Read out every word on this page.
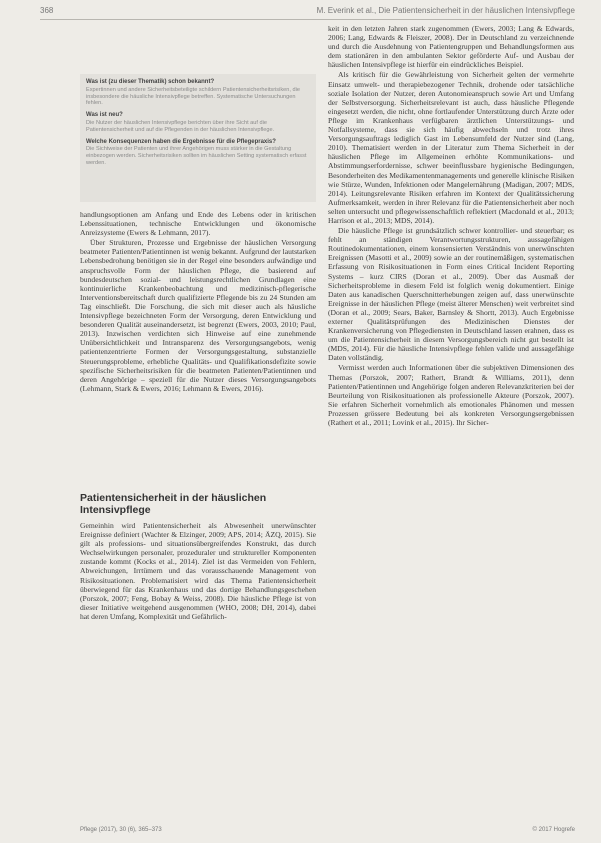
368	M. Everink et al., Die Patientensicherheit in der häuslichen Intensivpflege
Was ist (zu dieser Thematik) schon bekannt?
Expertinnen und andere Sicherheitsbeteiligte schildern Patientensicherheitsrisiken, die insbesondere die häusliche Intensivpflege betreffen. Systematische Untersuchungen fehlen.
Was ist neu?
Die Nutzer der häuslichen Intensivpflege berichten über ihre Sicht auf die Patientensicherheit und auf die Pflegenden in der häuslichen Intensivpflege.
Welche Konsequenzen haben die Ergebnisse für die Pflegepraxis?
Die Sichtweise der Patienten und ihrer Angehörigen muss stärker in die Gestaltung einbezogen werden. Sicherheitsrisiken sollten im häuslichen Setting systematisch erfasst werden.

handlungsoptionen am Anfang und Ende des Lebens oder in kritischen Lebenssituationen, technische Entwicklungen und ökonomische Anreizsysteme (Ewers & Lehmann, 2017).

Über Strukturen, Prozesse und Ergebnisse der häuslichen Versorgung beatmeter Patienten/Patientinnen ist wenig bekannt. Aufgrund der lautstarken Lebensbedrohung benötigen sie in der Regel eine besonders aufwändige und anspruchsvolle Form der häuslichen Pflege, die basierend auf bundesdeutschen sozial- und leistungsrechtlichen Grundlagen eine kontinuierliche Krankenbeobachtung und medizinisch-pflegerische Interventionsbereitschaft durch qualifizierte Pflegende bis zu 24 Stunden am Tag einschließt. Die Forschung, die sich mit dieser auch als häusliche Intensivpflege bezeichneten Form der Versorgung, deren Entwicklung und besonderen Qualität auseinandersetzt, ist begrenzt (Ewers, 2003, 2010; Paul, 2013). Inzwischen verdichten sich Hinweise auf eine zunehmende Unübersichtlichkeit und Intransparenz des Versorgungsangebots, wenig patientenzentrierte Formen der Versorgungsgestaltung, substanzielle Steuerungsprobleme, erhebliche Qualitäts- und Qualifikationsdefizite sowie spezifische Sicherheitsrisiken für die beatmeten Patienten/Patientinnen und deren Angehörige – speziell für die Nutzer dieses Versorgungsangebots (Lehmann, Stark & Ewers, 2016; Lehmann & Ewers, 2016).

Patientensicherheit in der häuslichen Intensivpflege

Gemeinhin wird Patientensicherheit als Abwesenheit unerwünschter Ereignisse definiert (Wachter & Elzinger, 2009; APS, 2014; ÄZQ, 2015). Sie gilt als professions- und situationsübergreifendes Konstrukt, das durch Wechselwirkungen personaler, prozeduraler und struktureller Komponenten zustande kommt (Kocks et al., 2014). Ziel ist das Vermeiden von Fehlern, Abweichungen, Irrtümern und das vorausschauende Management von Risikosituationen. Problematisiert wird das Thema Patientensicherheit überwiegend für das Krankenhaus und das dortige Behandlungsgeschehen (Porszok, 2007; Feng, Bobay & Weiss, 2008). Die häusliche Pflege ist von dieser Initiative weitgehend ausgenommen (WHO, 2008; DH, 2014), dabei hat deren Umfang, Komplexität und Gefährlich-

keit in den letzten Jahren stark zugenommen (Ewers, 2003; Lang & Edwards, 2006; Lang, Edwards & Fleiszer, 2008). Der in Deutschland zu verzeichnende und durch die Ausdehnung von Patientengruppen und Behandlungsformen aus dem stationären in den ambulanten Sektor geförderte Auf- und Ausbau der häuslichen Intensivpflege ist hierfür ein eindrückliches Beispiel.

Als kritisch für die Gewährleistung von Sicherheit gelten der vermehrte Einsatz umwelt- und therapiebezogener Technik, drohende oder tatsächliche soziale Isolation der Nutzer, deren Autonomieanspruch sowie Art und Umfang der Selbstversorgung. Sicherheitsrelevant ist auch, dass häusliche Pflegende eingesetzt werden, die nicht, ohne fortlaufender Unterstützung durch Ärzte oder Pflege im Krankenhaus verfügbaren ärztlichen Unterstützungs- und Notfallsysteme, dass sie sich häufig abwechseln und trotz ihres Versorgungsauftrags lediglich Gast im Lebensumfeld der Nutzer sind (Lang, 2010). Thematisiert werden in der Literatur zum Thema Sicherheit in der häuslichen Pflege im Allgemeinen erhöhte Kommunikations- und Abstimmungserfordernisse, schwer beeinflussbare hygienische Bedingungen, Besonderheiten des Medikamentenmanagements und generelle klinische Risiken wie Stürze, Wunden, Infektionen oder Mangelernährung (Madigan, 2007; MDS, 2014). Leitungsrelevante Risiken erfahren im Kontext der Qualitätssicherung Aufmerksamkeit, werden in ihrer Relevanz für die Patientensicherheit aber noch selten untersucht und pflegewissenschaftlich reflektiert (Macdonald et al., 2013; Harrison et al., 2013; MDS, 2014).

Die häusliche Pflege ist grundsätzlich schwer kontrollier- und steuerbar; es fehlt an ständigen Verantwortungsstrukturen, aussagefähigen Routinedokumentationen, einem konsensierten Verständnis von unerwünschten Ereignissen (Masotti et al., 2009) sowie an der routinemäßigen, systematischen Erfassung von Risikosituationen in Form eines Critical Incident Reporting Systems – kurz CIRS (Doran et al., 2009). Über das Ausmaß der Sicherheitsprobleme in diesem Feld ist folglich wenig dokumentiert. Einige Daten aus kanadischen Querschnitterhebungen zeigen auf, dass unerwünschte Ereignisse in der häuslichen Pflege (meist älterer Menschen) weit verbreitet sind (Doran et al., 2009; Sears, Baker, Barnsley & Shortt, 2013). Auch Ergebnisse externer Qualitätsprüfungen des Medizinischen Dienstes der Krankenversicherung von Pflegediensten in Deutschland lassen erahnen, dass es um die Patientensicherheit in diesem Versorgungsbereich nicht gut bestellt ist (MDS, 2014). Für die häusliche Intensivpflege fehlen valide und aussagefähige Daten vollständig.

Vermisst werden auch Informationen über die subjektiven Dimensionen des Themas (Porszok, 2007; Rathert, Brandt & Williams, 2011), denn Patienten/Patientinnen und Angehörige folgen anderen Relevanzkriterien bei der Beurteilung von Risikosituationen als professionelle Akteure (Porszok, 2007). Sie erfahren Sicherheit vornehmlich als emotionales Phänomen und messen Prozessen grössere Bedeutung bei als konkreten Versorgungsergebnissen (Rathert et al., 2011; Lovink et al., 2015). Ihr Sicher-

Pflege (2017), 30 (6), 365–373	© 2017 Hogrefe
